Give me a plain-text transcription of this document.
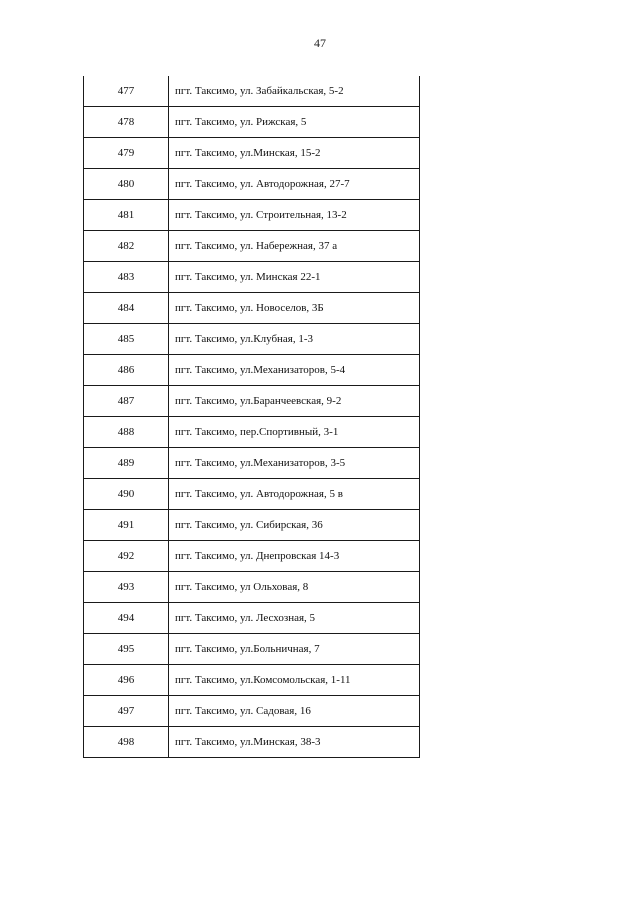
47
477	пгт. Таксимо, ул. Забайкальская, 5-2
478	пгт. Таксимо, ул. Рижская, 5
479	пгт. Таксимо, ул.Минская, 15-2
480	пгт. Таксимо, ул. Автодорожная, 27-7
481	пгт. Таксимо, ул. Строительная, 13-2
482	пгт. Таксимо, ул. Набережная, 37 а
483	пгт. Таксимо, ул. Минская 22-1
484	пгт. Таксимо, ул. Новоселов, 3Б
485	пгт. Таксимо, ул.Клубная, 1-3
486	пгт. Таксимо, ул.Механизаторов, 5-4
487	пгт. Таксимо, ул.Баранчеевская, 9-2
488	пгт. Таксимо, пер.Спортивный, 3-1
489	пгт. Таксимо, ул.Механизаторов, 3-5
490	пгт. Таксимо, ул. Автодорожная, 5 в
491	пгт. Таксимо, ул. Сибирская, 36
492	пгт. Таксимо, ул. Днепровская 14-3
493	пгт. Таксимо, ул Ольховая, 8
494	пгт. Таксимо, ул. Лесхозная, 5
495	пгт. Таксимо, ул.Больничная, 7
496	пгт. Таксимо, ул.Комсомольская, 1-11
497	пгт. Таксимо, ул. Садовая, 16
498	пгт. Таксимо, ул.Минская, 38-3
